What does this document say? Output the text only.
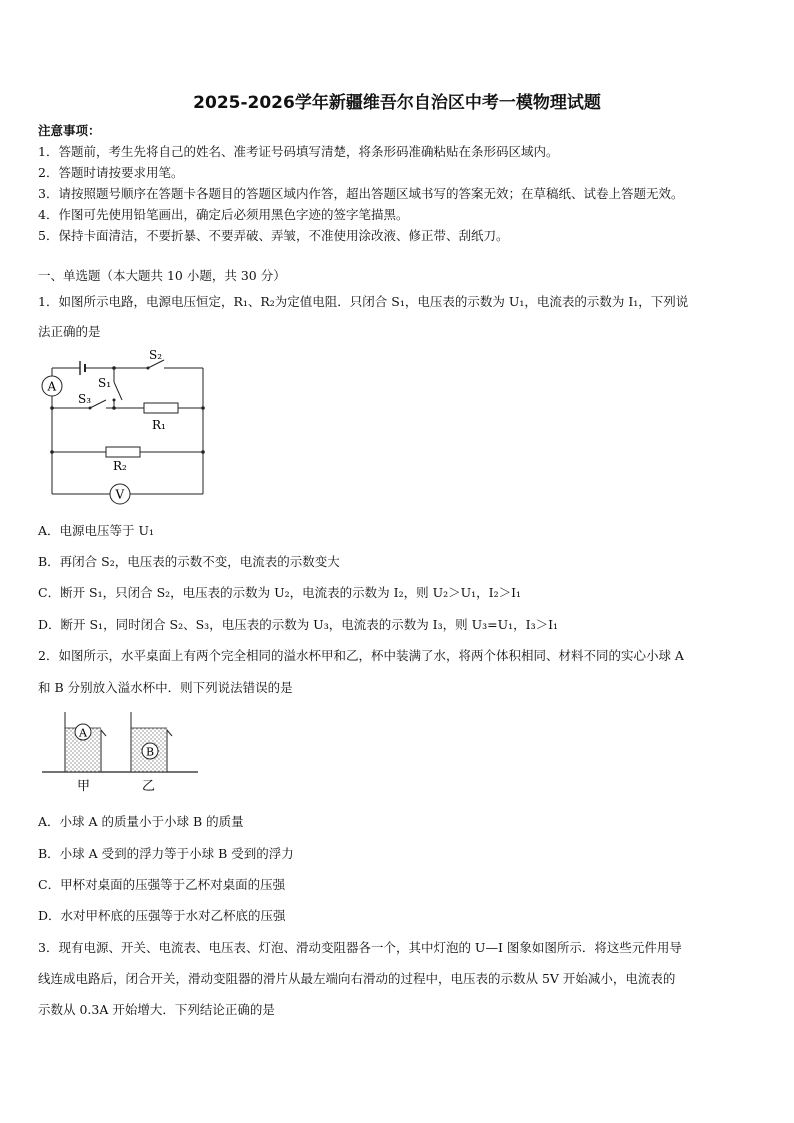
2025-2026学年新疆维吾尔自治区中考一模物理试题
注意事项：
1．答题前，考生先将自己的姓名、准考证号码填写清楚，将条形码准确粘贴在条形码区域内。
2．答题时请按要求用笔。
3．请按照题号顺序在答题卡各题目的答题区域内作答，超出答题区域书写的答案无效；在草稿纸、试卷上答题无效。
4．作图可先使用铅笔画出，确定后必须用黑色字迹的签字笔描黑。
5．保持卡面清洁，不要折暴、不要弄破、弄皱，不准使用涂改液、修正带、刮纸刀。
一、单选题（本大题共 10 小题，共 30 分）
1．如图所示电路，电源电压恒定，R₁、R₂为定值电阻．只闭合 S₁，电压表的示数为 U₁，电流表的示数为 I₁，下列说
法正确的是
S₂
S₁
S₃
R₁
R₂
A
V
A．电源电压等于 U₁
B．再闭合 S₂，电压表的示数不变，电流表的示数变大
C．断开 S₁，只闭合 S₂，电压表的示数为 U₂，电流表的示数为 I₂，则 U₂＞U₁，I₂＞I₁
D．断开 S₁，同时闭合 S₂、S₃，电压表的示数为 U₃，电流表的示数为 I₃，则 U₃=U₁，I₃＞I₁
2．如图所示，水平桌面上有两个完全相同的溢水杯甲和乙，杯中装满了水，将两个体积相同、材料不同的实心小球 A
和 B 分别放入溢水杯中．则下列说法错误的是
A
B
甲	乙
A．小球 A 的质量小于小球 B 的质量
B．小球 A 受到的浮力等于小球 B 受到的浮力
C．甲杯对桌面的压强等于乙杯对桌面的压强
D．水对甲杯底的压强等于水对乙杯底的压强
3．现有电源、开关、电流表、电压表、灯泡、滑动变阻器各一个，其中灯泡的 U—I 图象如图所示．将这些元件用导
线连成电路后，闭合开关，滑动变阻器的滑片从最左端向右滑动的过程中，电压表的示数从 5V 开始减小，电流表的
示数从 0.3A 开始增大．下列结论正确的是
